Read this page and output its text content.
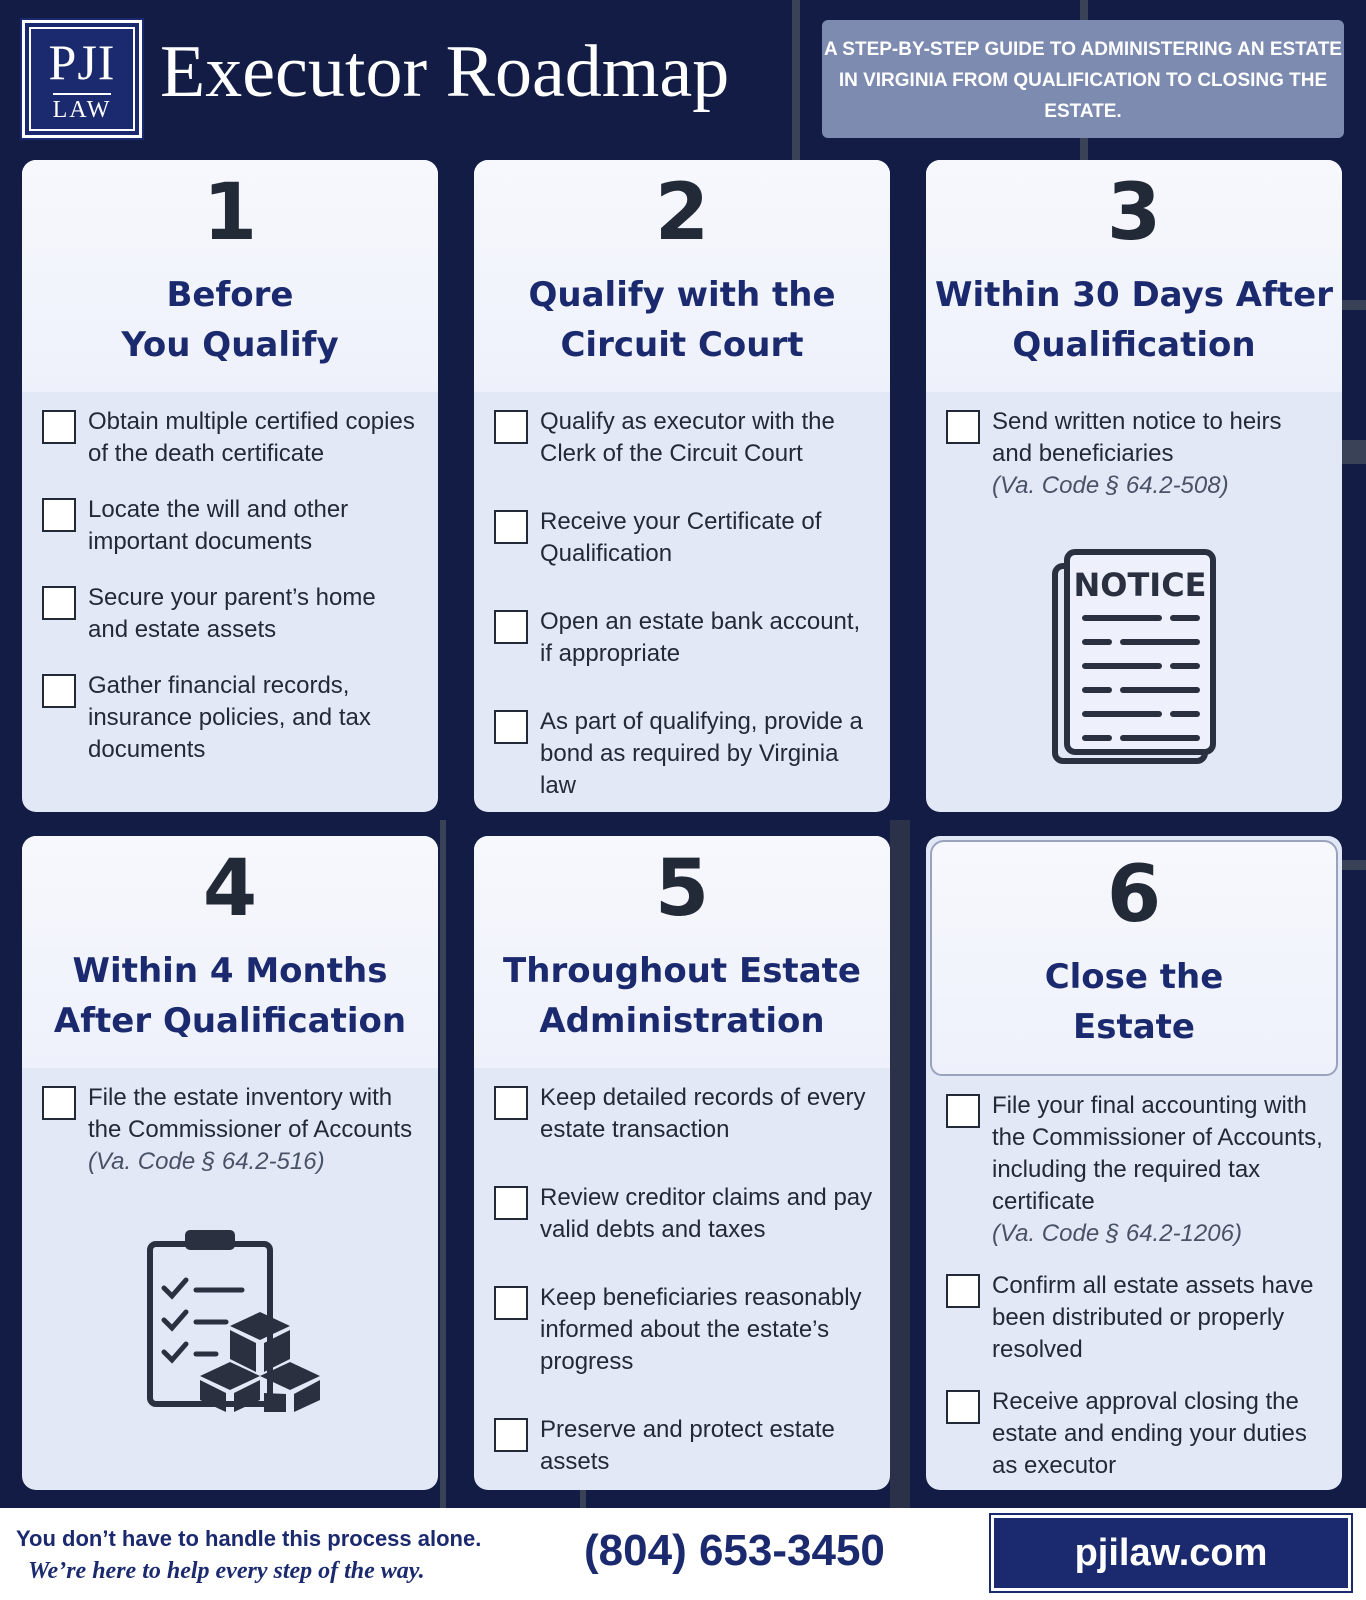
PJI
LAW Executor Roadmap	A STEP-BY-STEP GUIDE TO ADMINISTERING AN ESTATE IN VIRGINIA FROM QUALIFICATION TO CLOSING THE ESTATE.
1
Before
You Qualify
Obtain multiple certified copies of the death certificate
Locate the will and other important documents
Secure your parent’s home and estate assets
Gather financial records, insurance policies, and tax documents
2
Qualify with the
Circuit Court
Qualify as executor with the Clerk of the Circuit Court
Receive your Certificate of Qualification
Open an estate bank account, if appropriate
As part of qualifying, provide a bond as required by Virginia law
3
Within 30 Days After
Qualification
Send written notice to heirs and beneficiaries
(Va. Code § 64.2-508)
NOTICE
4
Within 4 Months
After Qualification
File the estate inventory with the Commissioner of Accounts
(Va. Code § 64.2-516)
5
Throughout Estate
Administration
Keep detailed records of every estate transaction
Review creditor claims and pay valid debts and taxes
Keep beneficiaries reasonably informed about the estate’s progress
Preserve and protect estate assets
6
Close the
Estate
File your final accounting with the Commissioner of Accounts, including the required tax certificate
(Va. Code § 64.2-1206)
Confirm all estate assets have been distributed or properly resolved
Receive approval closing the estate and ending your duties as executor
You don’t have to handle this process alone.
We’re here to help every step of the way.	(804) 653-3450	pjilaw.com
